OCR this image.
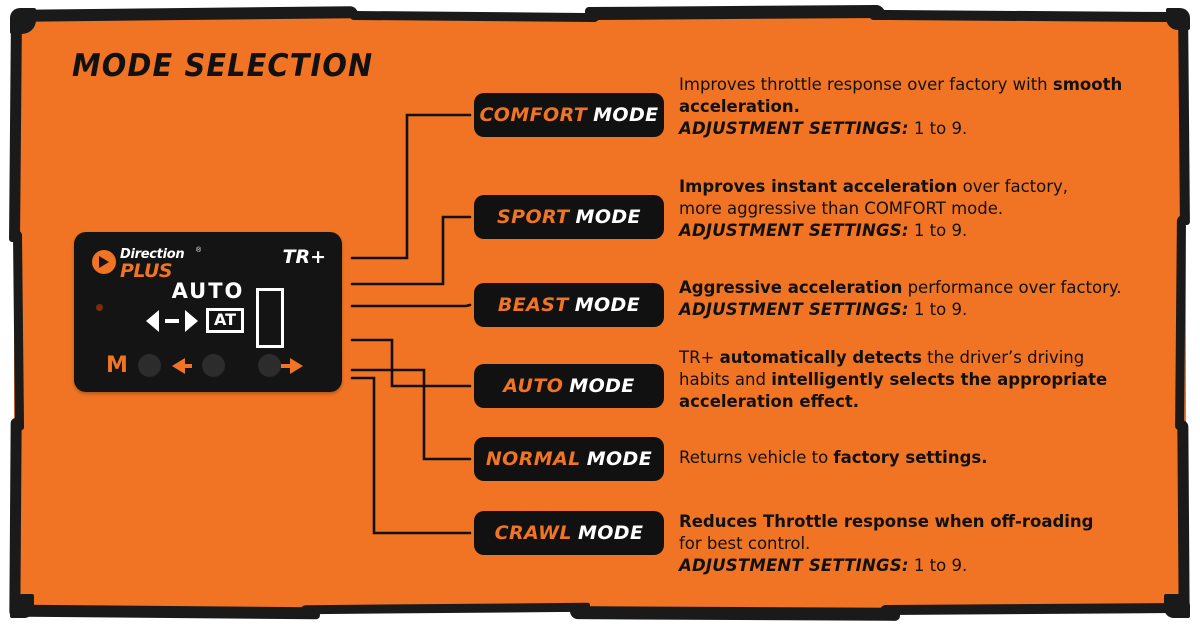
MODE SELECTION
Direction ®
PLUS
TR+
AUTO
AT
M
COMFORT MODE
SPORT MODE
BEAST MODE
AUTO MODE
NORMAL MODE
CRAWL MODE
Improves throttle response over factory with smooth acceleration.
ADJUSTMENT SETTINGS: 1 to 9.
Improves instant acceleration over factory,
more aggressive than COMFORT mode.
ADJUSTMENT SETTINGS: 1 to 9.
Aggressive acceleration performance over factory.
ADJUSTMENT SETTINGS: 1 to 9.
TR+ automatically detects the driver’s driving
habits and intelligently selects the appropriate
acceleration effect.
Returns vehicle to factory settings.
Reduces Throttle response when off-roading
for best control.
ADJUSTMENT SETTINGS: 1 to 9.
